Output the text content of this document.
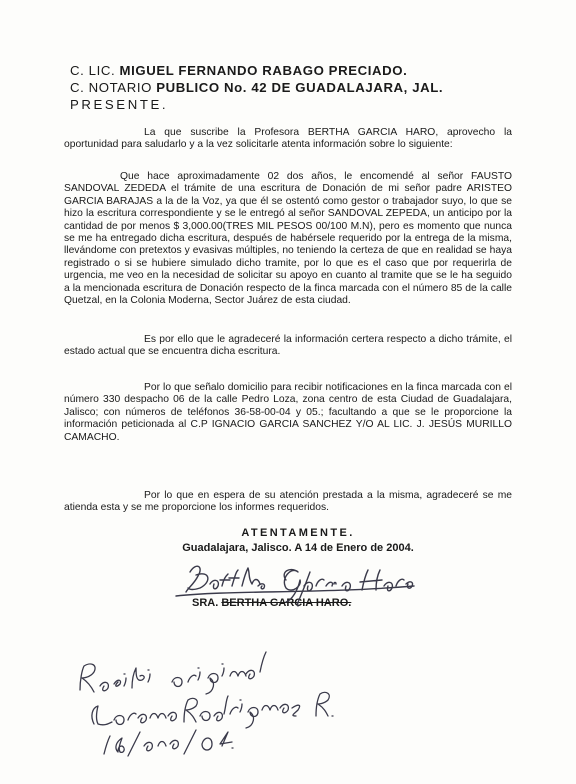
C. LIC. MIGUEL FERNANDO RABAGO PRECIADO.
C. NOTARIO PUBLICO No. 42 DE GUADALAJARA, JAL.
PRESENTE.

La que suscribe la Profesora BERTHA GARCIA HARO, aprovecho la oportunidad para saludarlo y a la vez solicitarle atenta información sobre lo siguiente:

Que hace aproximadamente 02 dos años, le encomendé al señor FAUSTO SANDOVAL ZEDEDA el trámite de una escritura de Donación de mi señor padre ARISTEO GARCIA BARAJAS a la de la Voz, ya que él se ostentó como gestor o trabajador suyo, lo que se hizo la escritura correspondiente y se le entregó al señor SANDOVAL ZEPEDA, un anticipo por la cantidad de por menos $ 3,000.00(TRES MIL PESOS 00/100 M.N), pero es momento que nunca se me ha entregado dicha escritura, después de habérsele requerido por la entrega de la misma, llevándome con pretextos y evasivas múltiples, no teniendo la certeza de que en realidad se haya registrado o si se hubiere simulado dicho tramite, por lo que es el caso que por requerirla de urgencia, me veo en la necesidad de solicitar su apoyo en cuanto al tramite que se le ha seguido a la mencionada escritura de Donación respecto de la finca marcada con el número 85 de la calle Quetzal, en la Colonia Moderna, Sector Juárez de esta ciudad.

Es por ello que le agradeceré la información certera respecto a dicho trámite, el estado actual que se encuentra dicha escritura.

Por lo que señalo domicilio para recibir notificaciones en la finca marcada con el número 330 despacho 06 de la calle Pedro Loza, zona centro de esta Ciudad de Guadalajara, Jalisco; con números de teléfonos 36-58-00-04 y 05.; facultando a que se le proporcione la información peticionada al C.P IGNACIO GARCIA SANCHEZ Y/O AL LIC. J. JESÚS MURILLO CAMACHO.

Por lo que en espera de su atención prestada a la misma, agradeceré se me atienda esta y se me proporcione los informes requeridos.

ATENTAMENTE.
Guadalajara, Jalisco. A 14 de Enero de 2004.
SRA. BERTHA GARCIA HARO.
